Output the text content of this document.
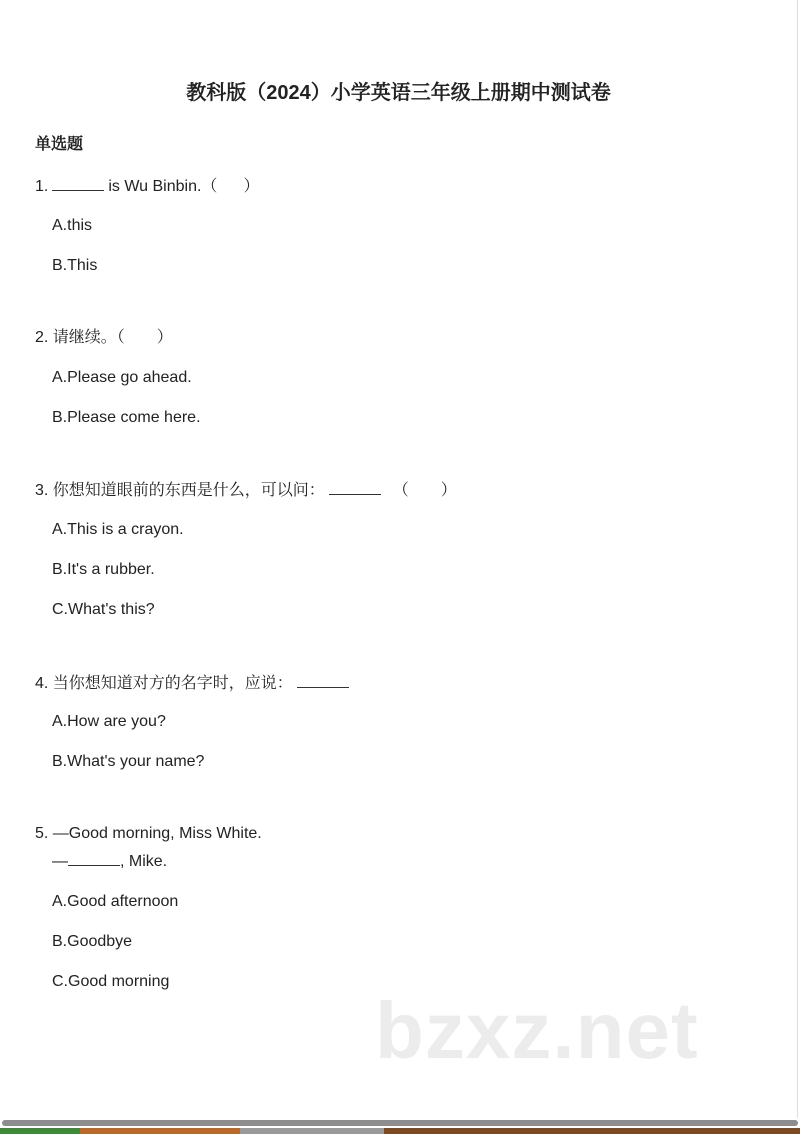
教科版（2024）小学英语三年级上册期中测试卷
单选题
1.	is Wu Binbin.（ ）
A.this
B.This
2. 请继续。（　　）
A.Please go ahead.
B.Please come here.
3. 你想知道眼前的东西是什么，可以问：	（　　）
A.This is a crayon.
B.It's a rubber.
C.What's this?
4. 当你想知道对方的名字时，应说：
A.How are you?
B.What's your name?
5. —Good morning, Miss White.
—	, Mike.
A.Good afternoon
B.Goodbye
C.Good morning
bzxz.net
